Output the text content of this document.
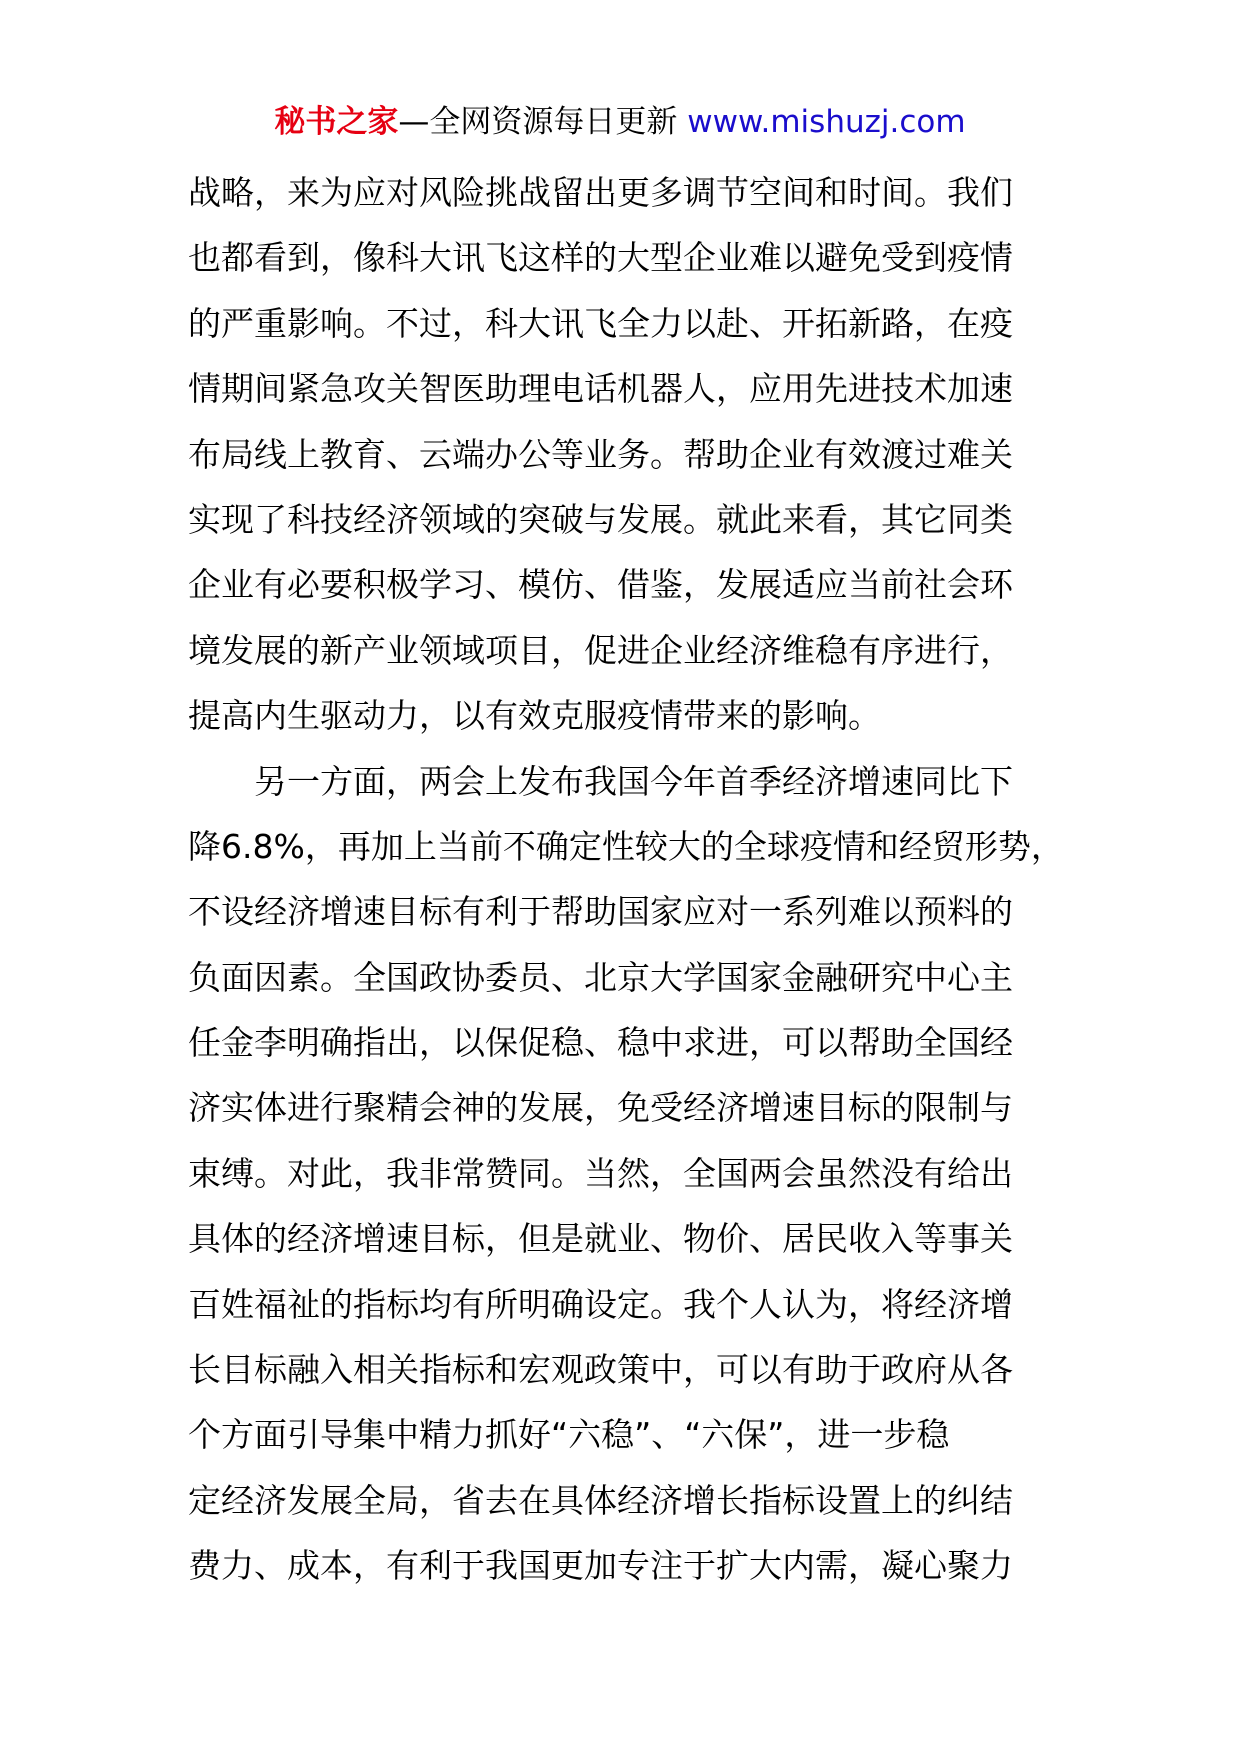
秘书之家—全网资源每日更新 www.mishuzj.com
战略，来为应对风险挑战留出更多调节空间和时间。我们
也都看到，像科大讯飞这样的大型企业难以避免受到疫情
的严重影响。不过，科大讯飞全力以赴、开拓新路，在疫
情期间紧急攻关智医助理电话机器人，应用先进技术加速
布局线上教育、云端办公等业务。帮助企业有效渡过难关
实现了科技经济领域的突破与发展。就此来看，其它同类
企业有必要积极学习、模仿、借鉴，发展适应当前社会环
境发展的新产业领域项目，促进企业经济维稳有序进行，
提高内生驱动力，以有效克服疫情带来的影响。
另一方面，两会上发布我国今年首季经济增速同比下
降6.8%，再加上当前不确定性较大的全球疫情和经贸形势，
不设经济增速目标有利于帮助国家应对一系列难以预料的
负面因素。全国政协委员、北京大学国家金融研究中心主
任金李明确指出，以保促稳、稳中求进，可以帮助全国经
济实体进行聚精会神的发展，免受经济增速目标的限制与
束缚。对此，我非常赞同。当然，全国两会虽然没有给出
具体的经济增速目标，但是就业、物价、居民收入等事关
百姓福祉的指标均有所明确设定。我个人认为，将经济增
长目标融入相关指标和宏观政策中，可以有助于政府从各
个方面引导集中精力抓好“六稳”、“六保”，进一步稳
定经济发展全局，省去在具体经济增长指标设置上的纠结
费力、成本，有利于我国更加专注于扩大内需，凝心聚力
